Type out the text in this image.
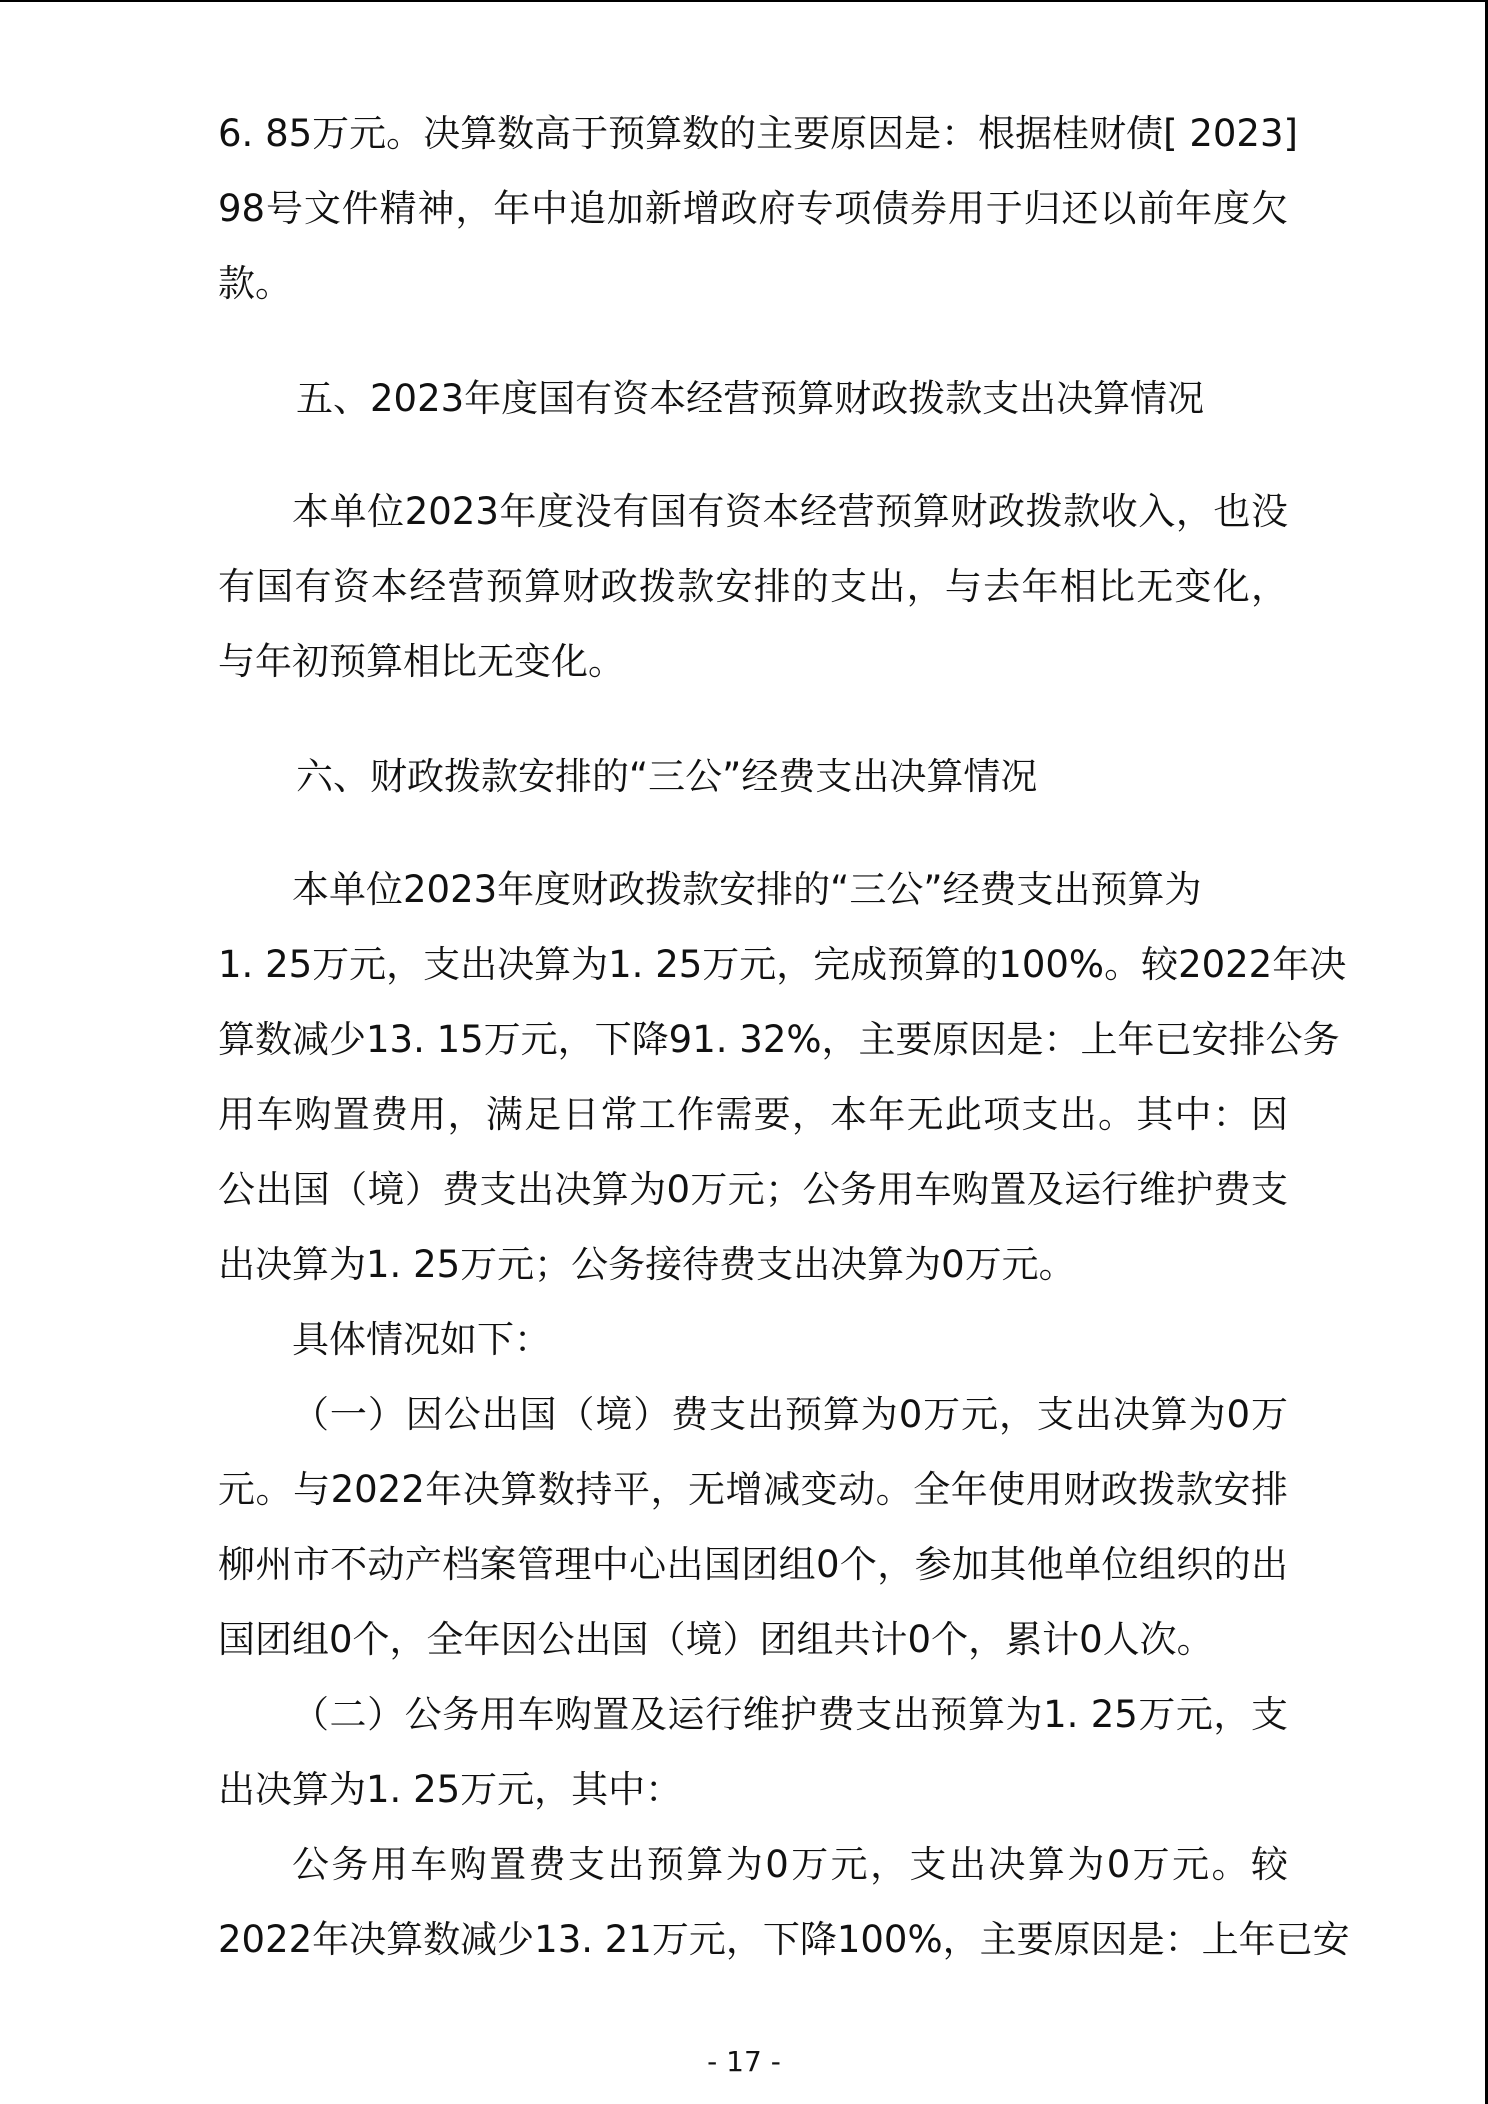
6. 85万元。决算数高于预算数的主要原因是：根据桂财债[ 2023]
98号文件精神，年中追加新增政府专项债券用于归还以前年度欠
款。
五、2023年度国有资本经营预算财政拨款支出决算情况
本单位2023年度没有国有资本经营预算财政拨款收入，也没
有国有资本经营预算财政拨款安排的支出，与去年相比无变化，
与年初预算相比无变化。
六、财政拨款安排的“三公”经费支出决算情况
本单位2023年度财政拨款安排的“三公”经费支出预算为
1. 25万元，支出决算为1. 25万元，完成预算的100%。较2022年决
算数减少13. 15万元，下降91. 32%，主要原因是：上年已安排公务
用车购置费用，满足日常工作需要，本年无此项支出。其中：因
公出国（境）费支出决算为0万元；公务用车购置及运行维护费支
出决算为1. 25万元；公务接待费支出决算为0万元。
具体情况如下：
（一）因公出国（境）费支出预算为0万元，支出决算为0万
元。与2022年决算数持平，无增减变动。全年使用财政拨款安排
柳州市不动产档案管理中心出国团组0个，参加其他单位组织的出
国团组0个，全年因公出国（境）团组共计0个，累计0人次。
（二）公务用车购置及运行维护费支出预算为1. 25万元，支
出决算为1. 25万元，其中：
公务用车购置费支出预算为0万元，支出决算为0万元。较
2022年决算数减少13. 21万元，下降100%，主要原因是：上年已安
- 17 -
